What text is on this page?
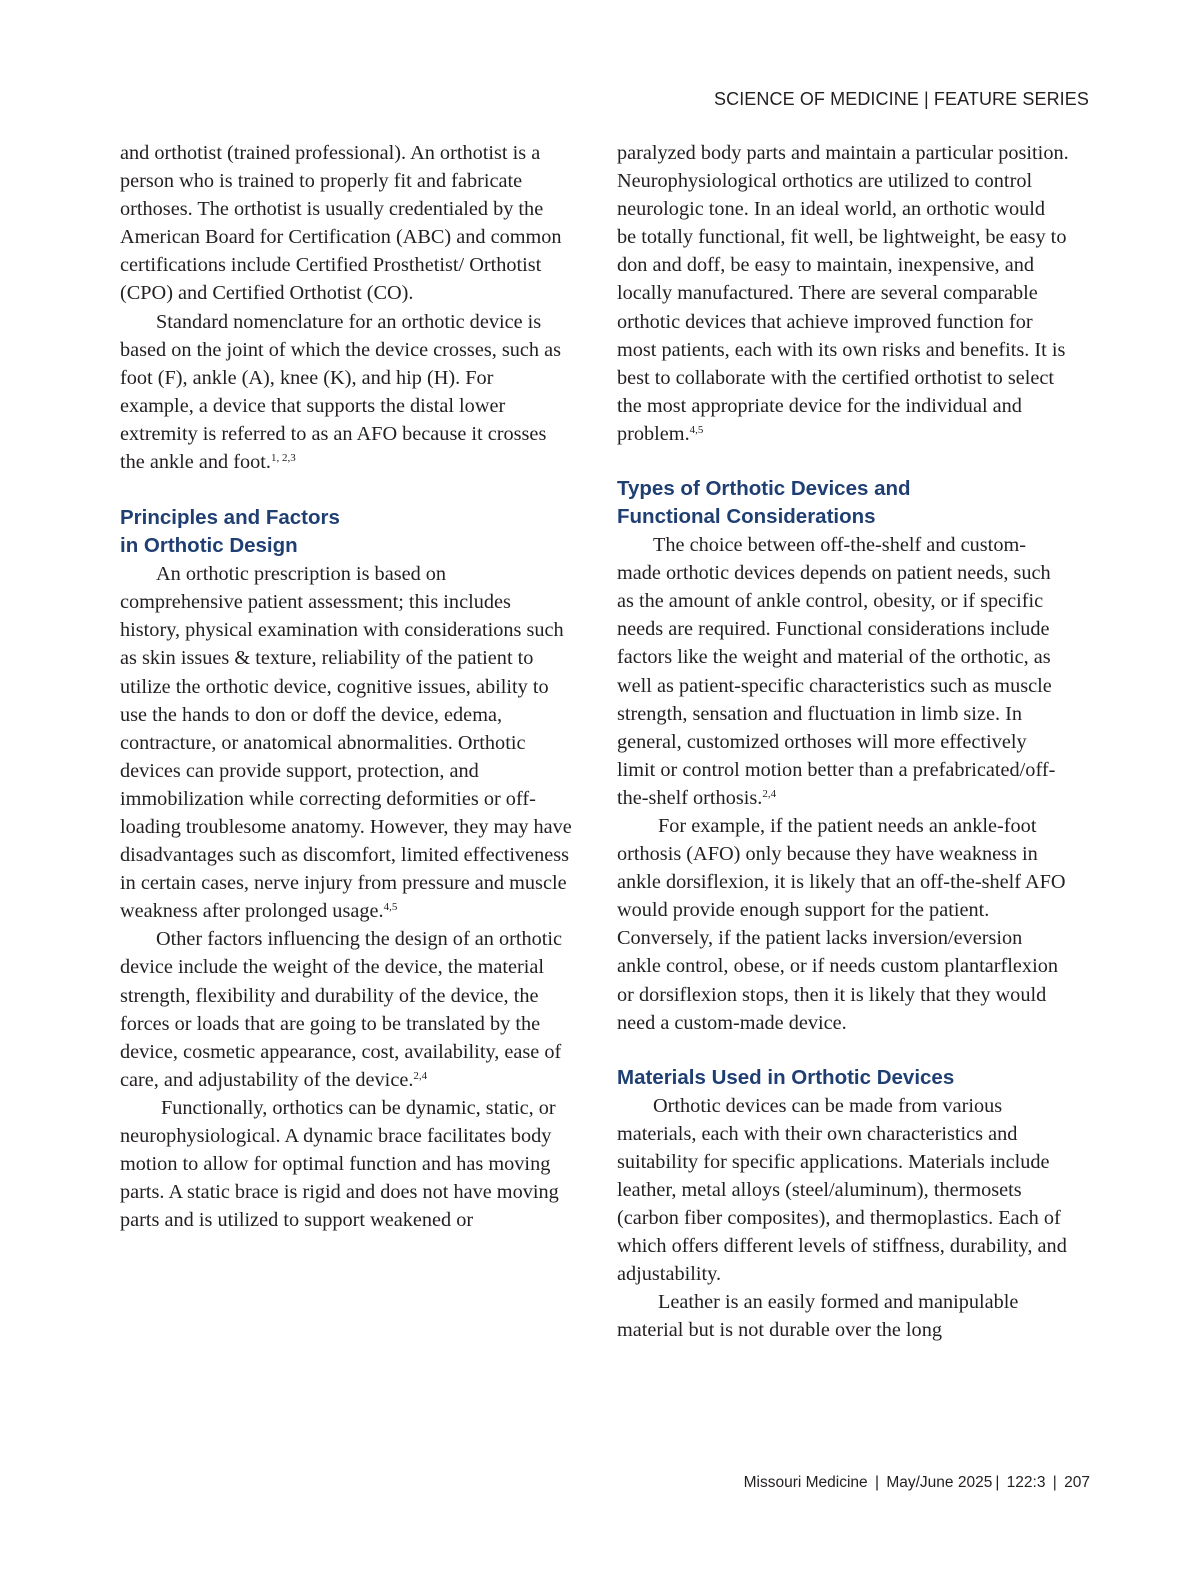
SCIENCE OF MEDICINE | FEATURE SERIES

and orthotist (trained professional). An orthotist is a person who is trained to properly fit and fabricate orthoses. The orthotist is usually credentialed by the American Board for Certification (ABC) and common certifications include Certified Prosthetist/ Orthotist (CPO) and Certified Orthotist (CO).

Standard nomenclature for an orthotic device is based on the joint of which the device crosses, such as foot (F), ankle (A), knee (K), and hip (H). For example, a device that supports the distal lower extremity is referred to as an AFO because it crosses the ankle and foot.$^{1, 2,3}$

Principles and Factors
in Orthotic Design

An orthotic prescription is based on comprehensive patient assessment; this includes history, physical examination with considerations such as skin issues & texture, reliability of the patient to utilize the orthotic device, cognitive issues, ability to use the hands to don or doff the device, edema, contracture, or anatomical abnormalities. Orthotic devices can provide support, protection, and immobilization while correcting deformities or off-loading troublesome anatomy. However, they may have disadvantages such as discomfort, limited effectiveness in certain cases, nerve injury from pressure and muscle weakness after prolonged usage.$^{4,5}$

Other factors influencing the design of an orthotic device include the weight of the device, the material strength, flexibility and durability of the device, the forces or loads that are going to be translated by the device, cosmetic appearance, cost, availability, ease of care, and adjustability of the device.$^{2,4}$

Functionally, orthotics can be dynamic, static, or neurophysiological. A dynamic brace facilitates body motion to allow for optimal function and has moving parts. A static brace is rigid and does not have moving parts and is utilized to support weakened or

paralyzed body parts and maintain a particular position. Neurophysiological orthotics are utilized to control neurologic tone. In an ideal world, an orthotic would be totally functional, fit well, be lightweight, be easy to don and doff, be easy to maintain, inexpensive, and locally manufactured. There are several comparable orthotic devices that achieve improved function for most patients, each with its own risks and benefits. It is best to collaborate with the certified orthotist to select the most appropriate device for the individual and problem.$^{4,5}$

Types of Orthotic Devices and
Functional Considerations

The choice between off-the-shelf and custom-made orthotic devices depends on patient needs, such as the amount of ankle control, obesity, or if specific needs are required. Functional considerations include factors like the weight and material of the orthotic, as well as patient-specific characteristics such as muscle strength, sensation and fluctuation in limb size. In general, customized orthoses will more effectively limit or control motion better than a prefabricated/off-the-shelf orthosis.$^{2,4}$

For example, if the patient needs an ankle-foot orthosis (AFO) only because they have weakness in ankle dorsiflexion, it is likely that an off-the-shelf AFO would provide enough support for the patient. Conversely, if the patient lacks inversion/eversion ankle control, obese, or if needs custom plantarflexion or dorsiflexion stops, then it is likely that they would need a custom-made device.

Materials Used in Orthotic Devices

Orthotic devices can be made from various materials, each with their own characteristics and suitability for specific applications. Materials include leather, metal alloys (steel/aluminum), thermosets (carbon fiber composites), and thermoplastics. Each of which offers different levels of stiffness, durability, and adjustability.

Leather is an easily formed and manipulable material but is not durable over the long

Missouri Medicine | May/June 2025 | 122:3 | 207
